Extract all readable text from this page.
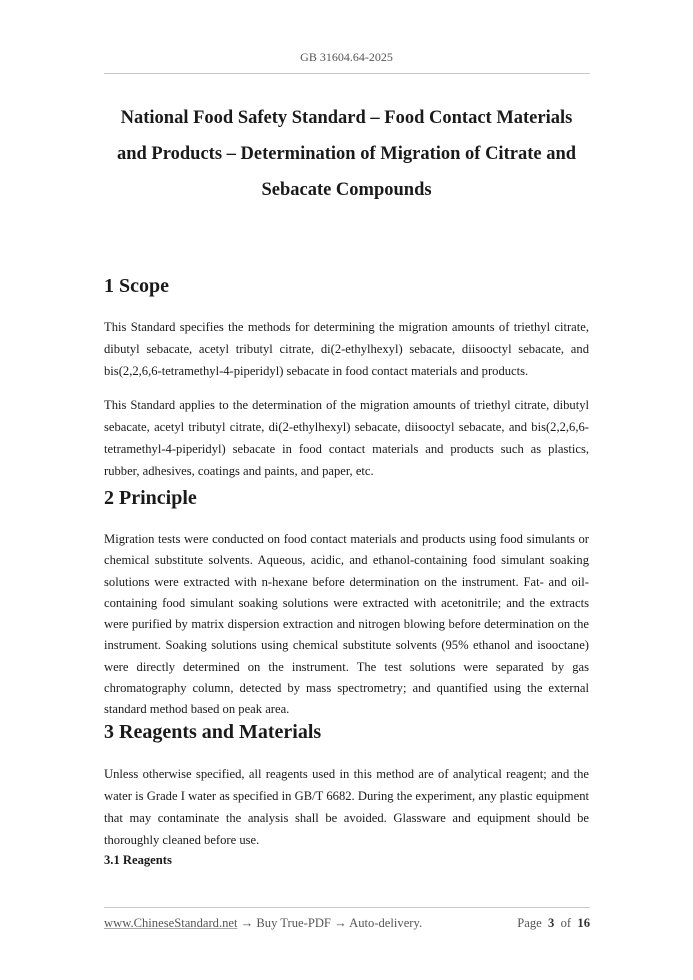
GB 31604.64-2025
National Food Safety Standard – Food Contact Materials
and Products – Determination of Migration of Citrate and
Sebacate Compounds
1 Scope

This Standard specifies the methods for determining the migration amounts of triethyl citrate, dibutyl sebacate, acetyl tributyl citrate, di(2-ethylhexyl) sebacate, diisooctyl sebacate, and bis(2,2,6,6-tetramethyl-4-piperidyl) sebacate in food contact materials and products.

This Standard applies to the determination of the migration amounts of triethyl citrate, dibutyl sebacate, acetyl tributyl citrate, di(2-ethylhexyl) sebacate, diisooctyl sebacate, and bis(2,2,6,6-tetramethyl-4-piperidyl) sebacate in food contact materials and products such as plastics, rubber, adhesives, coatings and paints, and paper, etc.

2 Principle

Migration tests were conducted on food contact materials and products using food simulants or chemical substitute solvents. Aqueous, acidic, and ethanol-containing food simulant soaking solutions were extracted with n-hexane before determination on the instrument. Fat- and oil-containing food simulant soaking solutions were extracted with acetonitrile; and the extracts were purified by matrix dispersion extraction and nitrogen blowing before determination on the instrument. Soaking solutions using chemical substitute solvents (95% ethanol and isooctane) were directly determined on the instrument. The test solutions were separated by gas chromatography column, detected by mass spectrometry; and quantified using the external standard method based on peak area.

3 Reagents and Materials

Unless otherwise specified, all reagents used in this method are of analytical reagent; and the water is Grade I water as specified in GB/T 6682. During the experiment, any plastic equipment that may contaminate the analysis shall be avoided. Glassware and equipment should be thoroughly cleaned before use.

3.1 Reagents
www.ChineseStandard.net → Buy True-PDF → Auto-delivery.	Page 3 of 16
